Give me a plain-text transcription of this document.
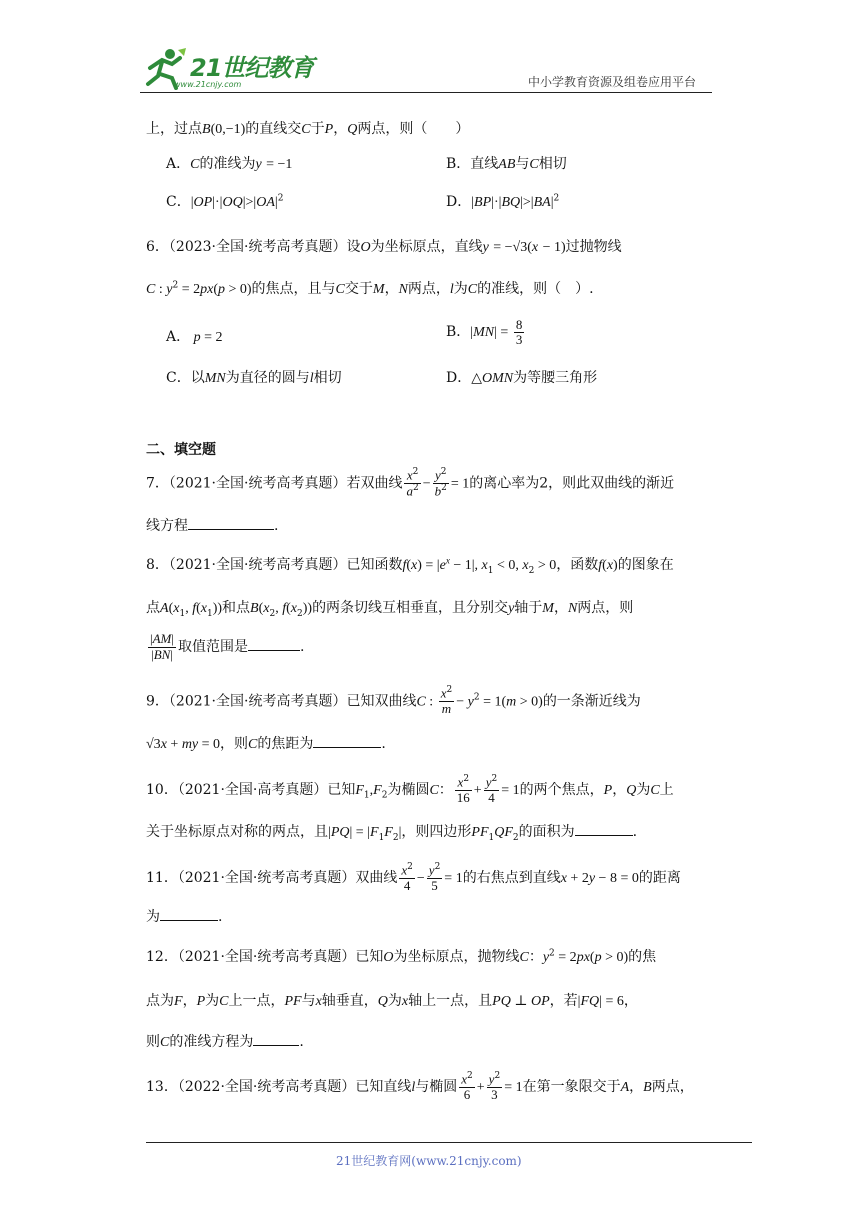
21世纪教育
www.21cnjy.com	中小学教育资源及组卷应用平台
上，过点B(0,−1)的直线交C于P，Q两点，则（　　）
A．C的准线为y = −1	B．直线AB与C相切
C．$|OP|\cdot|OQ|>|OA|^2$	D．$|BP|\cdot|BQ|>|BA|^2$
6．（2023·全国·统考高考真题）设O为坐标原点，直线y = −√3(x − 1)过抛物线
C : $y^2 = 2px(p > 0)$的焦点，且与C交于M，N两点，l为C的准线，则（　）.
A． p = 2	B．$|MN| = \frac{8}{3}$
C．以MN为直径的圆与l相切	D．△OMN为等腰三角形
二、填空题
7．（2021·全国·统考高考真题）若双曲线 $\frac{x^2}{a^2} - \frac{y^2}{b^2} = 1$的离心率为2，则此双曲线的渐近
线方程	.
8．（2021·全国·统考高考真题）已知函数$f(x) = |e^x - 1|$, $x_1 < 0$, $x_2 > 0$，函数f(x)的图象在
点$A(x_1$, $f(x_1)$)和点$B(x_2$, $f(x_2)$)的两条切线互相垂直，且分别交y轴于M，N两点，则
$\frac{|AM|}{|BN|}$ 取值范围是	.
9．（2021·全国·统考高考真题）已知双曲线C : $\frac{x^2}{m} - y^2 = 1(m > 0)$的一条渐近线为
√3x + my = 0，则C的焦距为	.
10．（2021·全国·高考真题）已知$F_1,F_2$为椭圆C： $\frac{x^2}{16} + \frac{y^2}{4} = 1$的两个焦点，P，Q为C上
关于坐标原点对称的两点，且$|PQ| = |F_1F_2|$，则四边形$PF_1QF_2$的面积为	.
11．（2021·全国·统考高考真题）双曲线 $\frac{x^2}{4} - \frac{y^2}{5} = 1$的右焦点到直线x + 2y − 8 = 0的距离
为	.
12．（2021·全国·统考高考真题）已知O为坐标原点，抛物线C：$y^2 = 2px(p > 0)$的焦
点为F，P为C上一点，PF与x轴垂直，Q为x轴上一点，且PQ ⊥ OP，若|FQ| = 6，
则C的准线方程为	.
13．（2022·全国·统考高考真题）已知直线l与椭圆 $\frac{x^2}{6} + \frac{y^2}{3} = 1$在第一象限交于A，B两点，
21世纪教育网(www.21cnjy.com)
